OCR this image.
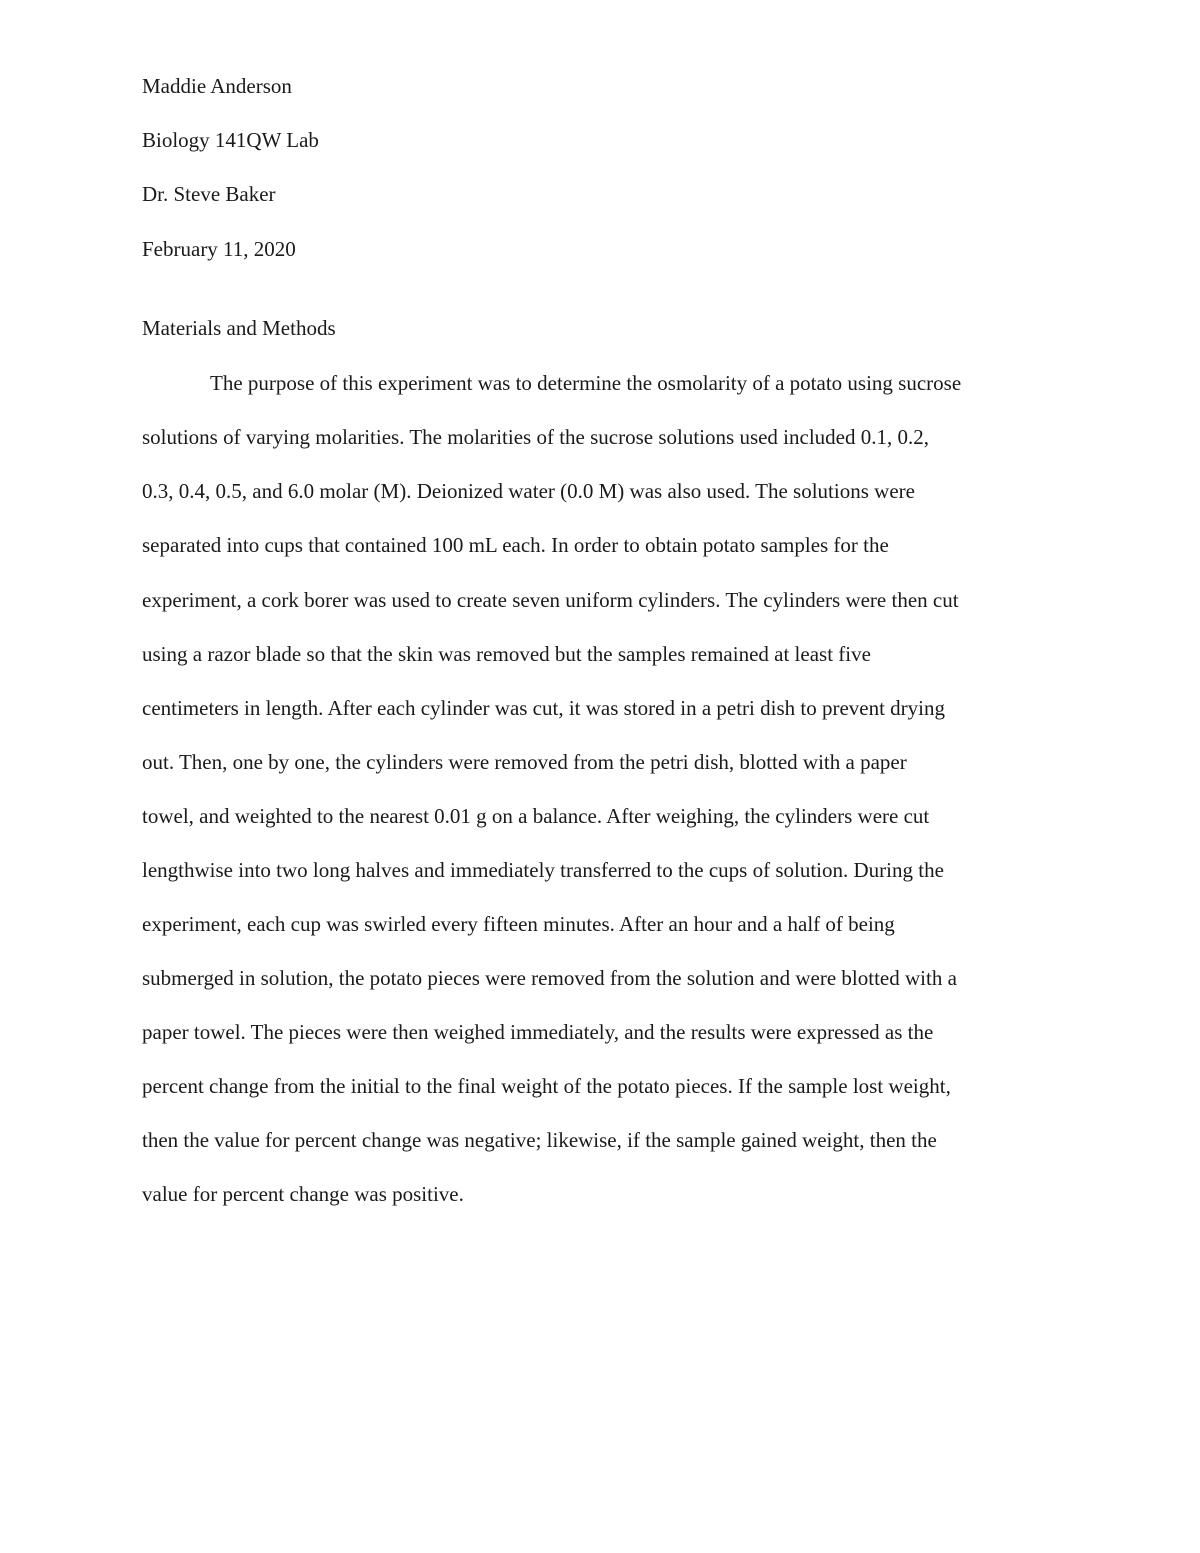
Maddie Anderson
Biology 141QW Lab
Dr. Steve Baker
February 11, 2020
Materials and Methods
The purpose of this experiment was to determine the osmolarity of a potato using sucrose
solutions of varying molarities. The molarities of the sucrose solutions used included 0.1, 0.2,
0.3, 0.4, 0.5, and 6.0 molar (M). Deionized water (0.0 M) was also used. The solutions were
separated into cups that contained 100 mL each. In order to obtain potato samples for the
experiment, a cork borer was used to create seven uniform cylinders. The cylinders were then cut
using a razor blade so that the skin was removed but the samples remained at least five
centimeters in length. After each cylinder was cut, it was stored in a petri dish to prevent drying
out. Then, one by one, the cylinders were removed from the petri dish, blotted with a paper
towel, and weighted to the nearest 0.01 g on a balance. After weighing, the cylinders were cut
lengthwise into two long halves and immediately transferred to the cups of solution. During the
experiment, each cup was swirled every fifteen minutes. After an hour and a half of being
submerged in solution, the potato pieces were removed from the solution and were blotted with a
paper towel. The pieces were then weighed immediately, and the results were expressed as the
percent change from the initial to the final weight of the potato pieces. If the sample lost weight,
then the value for percent change was negative; likewise, if the sample gained weight, then the
value for percent change was positive.
